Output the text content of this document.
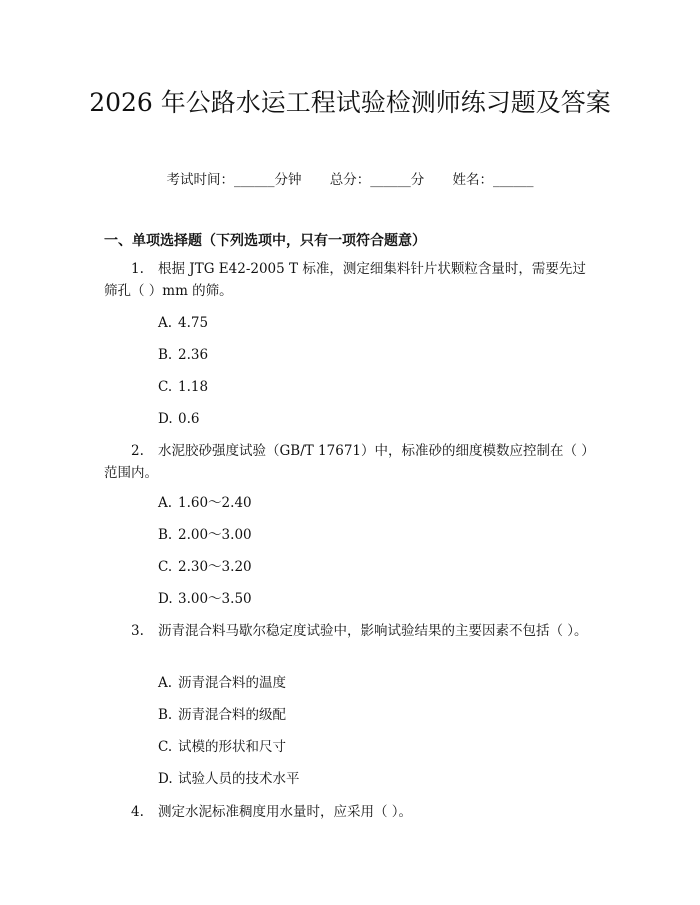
2026 年公路水运工程试验检测师练习题及答案
考试时间：______分钟 总分：______分 姓名：______
一、单项选择题（下列选项中，只有一项符合题意）
1. 根据 JTG E42-2005 T 标准，测定细集料针片状颗粒含量时，需要先过筛孔（ ）mm 的筛。
A. 4.75
B. 2.36
C. 1.18
D. 0.6
2. 水泥胶砂强度试验（GB/T 17671）中，标准砂的细度模数应控制在（ ）范围内。
A. 1.60～2.40
B. 2.00～3.00
C. 2.30～3.20
D. 3.00～3.50
3. 沥青混合料马歇尔稳定度试验中，影响试验结果的主要因素不包括（ ）。
A. 沥青混合料的温度
B. 沥青混合料的级配
C. 试模的形状和尺寸
D. 试验人员的技术水平
4. 测定水泥标准稠度用水量时，应采用（ ）。
